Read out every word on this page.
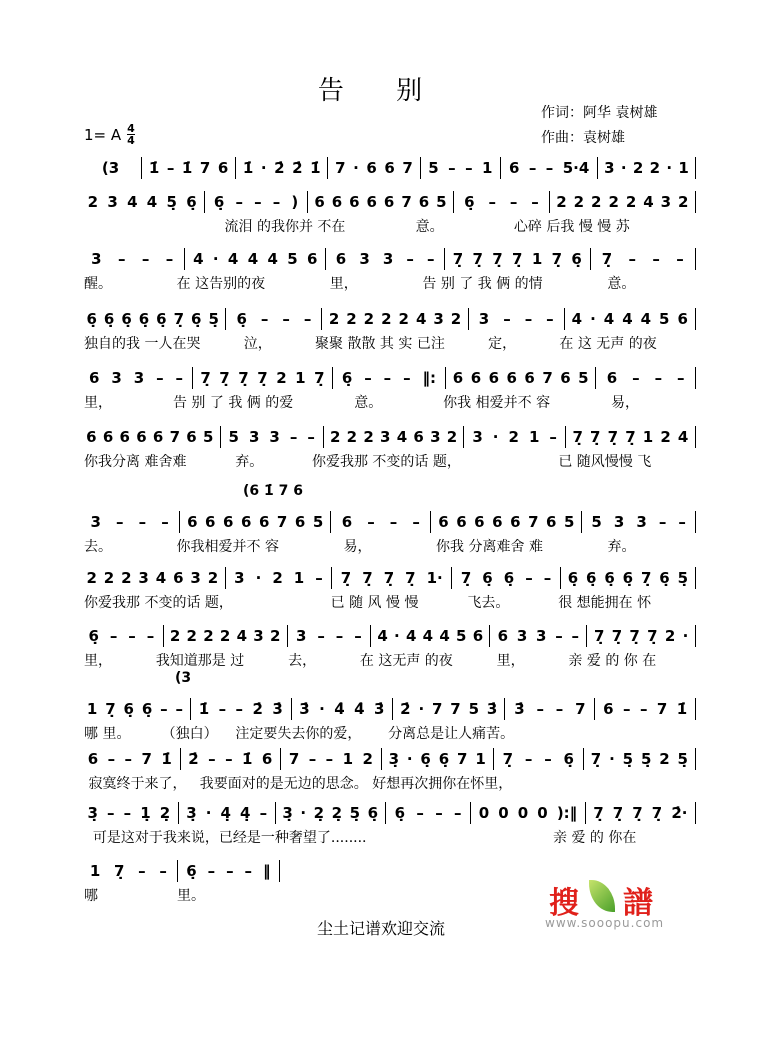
告 别
作词：阿华 袁树雄
作曲：袁树雄
1= A $\frac{4}{4}$
(3 1̇ – 1̇ 7 6 1̇ · 2̇ 2̇ 1̇ 7 · 6 6 7 5 – – 1 6 – – 5·4 3 · 2 2 · 1
2 3 4 4 5̣ 6̣ 6̣ – – – ) 6 6 6 6 6 7 6 5 6̣ – – – 2 2 2 2 2 4 3 2
流泪 的我你并 不在	意。	心碎 后我 慢 慢 苏
3 – – – 4 · 4 4 4 5 6 6 3 3 – – 7̣ 7̣ 7̣ 7̣ 1 7̣ 6̣ 7̣ – – –
醒。	在 这告别的夜	里，	告 别 了 我 俩 的情	意。
6̣ 6̣ 6̣ 6̣ 6̣ 7̣ 6̣ 5̣ 6̣ – – – 2 2 2 2 2 4 3 2 3 – – – 4 · 4 4 4 5 6
独自的我 一人在哭	泣，	聚聚 散散 其 实 已注	定，	在 这 无声 的夜
6 3 3 – – 7̣ 7̣ 7̣ 7̣ 2 1 7̣ 6̣ – – – ‖: 6 6 6 6 6 7 6 5 6 – – –
里，	告 别 了 我 俩 的爱	意。	你我 相爱并不 容	易，
6 6 6 6 6 7 6 5 5 3 3 – – 2 2 2 3 4 6 3 2 3 · 2 1 – 7̣ 7̣ 7̣ 7̣ 1 2 4
你我分离 难舍难	弃。	你爱我那 不变的话 题，	已 随风慢慢 飞
3 – – – 6 6 6 6 6 7 6 5 6 – – – 6 6 6 6 6 7 6 5 5 3 3 – –
去。	你我相爱并不 容	易，	你我 分离难舍 难	弃。
2 2 2 3 4 6 3 2 3 · 2 1 – 7̣ 7̣ 7̣ 7̣ 1· 7̣ 6̣ 6̣ – – 6̣ 6̣ 6̣ 6̣ 7̣ 6̣ 5̣
你爱我那 不变的话 题，	已 随 风 慢 慢	飞去。	很 想能拥在 怀
6̣ – – – 2 2 2 2 4 3 2 3 – – – 4 · 4 4 4 5 6 6 3 3 – – 7̣ 7̣ 7̣ 7̣ 2 ·
里，	我知道那是 过	去，	在 这无声 的夜	里，	亲 爱 的 你 在
1 7̣ 6̣ 6̣ – – 1̇ – – 2̇ 3̇ 3̇ · 4̇ 4̇ 3̇ 2̇ · 7 7 5 3̇ 3̇ – – 7 6 – – 7 1̇
哪 里。       （独白）    注定要失去你的爱，      分离总是让人痛苦。
6 – – 7 1̇ 2̇ – – 1̇ 6 7 – – 1 2 3̣ · 6̣ 6̣ 7 1 7̣ – – 6̣ 7̣ · 5̣ 5̣ 2 5̣
寂寞终于来了，   我要面对的是无边的思念。 好想再次拥你在怀里，
3̣ – – 1̣ 2̣ 3̣ · 4̣ 4̣ – 3̣ · 2̣ 2̣ 5̣ 6̣ 6̣ – – – 0 0 0 0 ):‖ 7̣ 7̣ 7̣ 7̣ 2̇·
可是这对于我来说，已经是一种奢望了........	亲 爱 的 你在
1 7̣ – – 6̣ – – – ‖
哪	里。
(6 1̇ 7 6
(3
尘土记谱欢迎交流
搜 譜
www.sooopu.com
